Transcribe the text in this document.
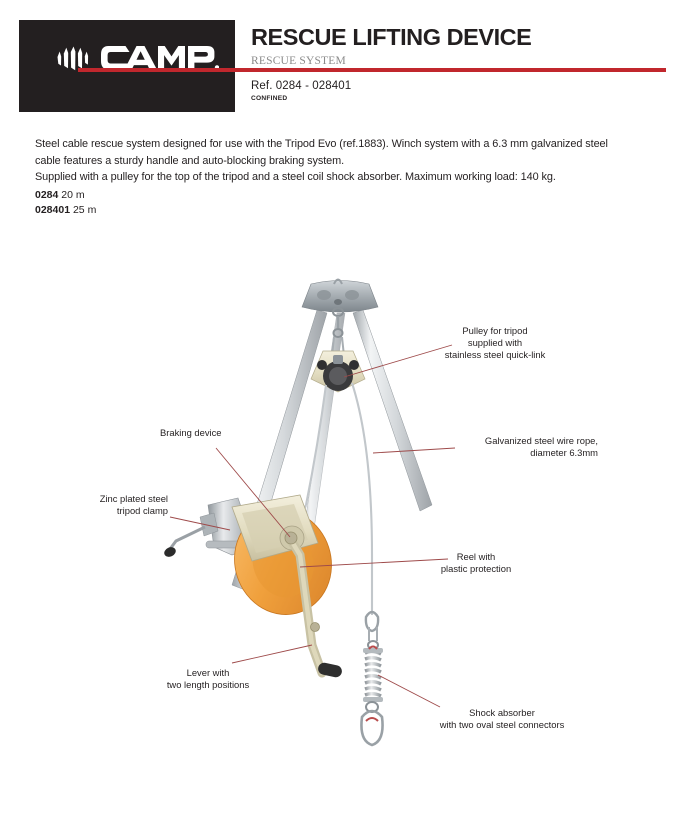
RESCUE LIFTING DEVICE
RESCUE SYSTEM
Ref. 0284 - 028401
CONFINED
Steel cable rescue system designed for use with the Tripod Evo (ref.1883). Winch system with a 6.3 mm galvanized steel
cable features a sturdy handle and auto-blocking braking system.
Supplied with a pulley for the top of the tripod and a steel coil shock absorber. Maximum working load: 140 kg.
0284 20 m
028401 25 m
Pulley for tripod
supplied with
stainless steel quick-link
Galvanized steel wire rope,
diameter 6.3mm
Reel with
plastic protection
Shock absorber
with two oval steel connectors
Braking device
Zinc plated steel
tripod clamp
Lever with
two length positions
